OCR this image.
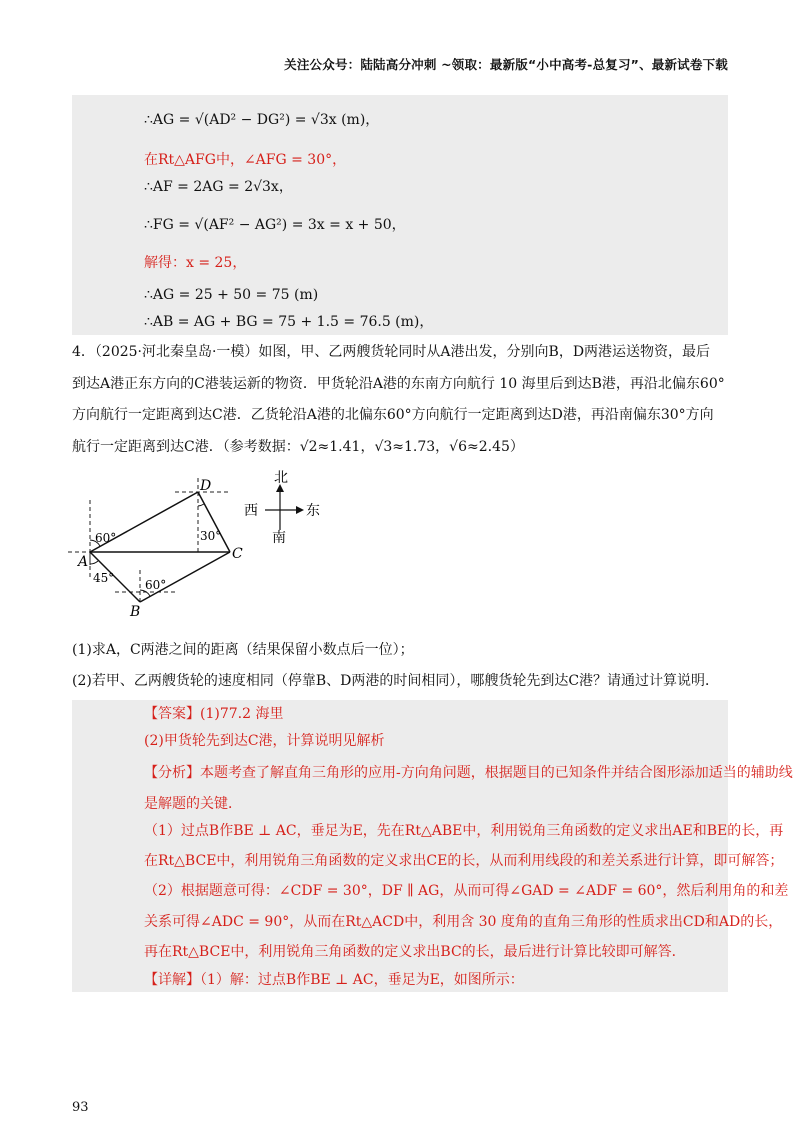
关注公众号：陆陆高分冲刺 ~领取：最新版“小中高考-总复习”、最新试卷下载
∴AG = √(AD² − DG²) = √3x (m)，
在Rt△AFG中，∠AFG = 30°，
∴AF = 2AG = 2√3x，
∴FG = √(AF² − AG²) = 3x = x + 50，
解得：x = 25，
∴AG = 25 + 50 = 75 (m)
∴AB = AG + BG = 75 + 1.5 = 76.5 (m)，
4．（2025·河北秦皇岛·一模）如图，甲、乙两艘货轮同时从A港出发，分别向B，D两港运送物资，最后
到达A港正东方向的C港装运新的物资．甲货轮沿A港的东南方向航行 10 海里后到达B港，再沿北偏东60°
方向航行一定距离到达C港．乙货轮沿A港的北偏东60°方向航行一定距离到达D港，再沿南偏东30°方向
航行一定距离到达C港．（参考数据：√2≈1.41，√3≈1.73，√6≈2.45）
D
A	C
B
60°
45°	60°
30°
北
西	东
南
(1)求A，C两港之间的距离（结果保留小数点后一位）；
(2)若甲、乙两艘货轮的速度相同（停靠B、D两港的时间相同），哪艘货轮先到达C港？请通过计算说明．
【答案】(1)77.2 海里
(2)甲货轮先到达C港，计算说明见解析
【分析】本题考查了解直角三角形的应用-方向角问题，根据题目的已知条件并结合图形添加适当的辅助线
是解题的关键．
（1）过点B作BE ⊥ AC，垂足为E，先在Rt△ABE中，利用锐角三角函数的定义求出AE和BE的长，再
在Rt△BCE中，利用锐角三角函数的定义求出CE的长，从而利用线段的和差关系进行计算，即可解答；
（2）根据题意可得：∠CDF = 30°，DF ∥ AG，从而可得∠GAD = ∠ADF = 60°，然后利用角的和差
关系可得∠ADC = 90°，从而在Rt△ACD中，利用含 30 度角的直角三角形的性质求出CD和AD的长，
再在Rt△BCE中，利用锐角三角函数的定义求出BC的长，最后进行计算比较即可解答．
【详解】（1）解：过点B作BE ⊥ AC，垂足为E，如图所示：
93
